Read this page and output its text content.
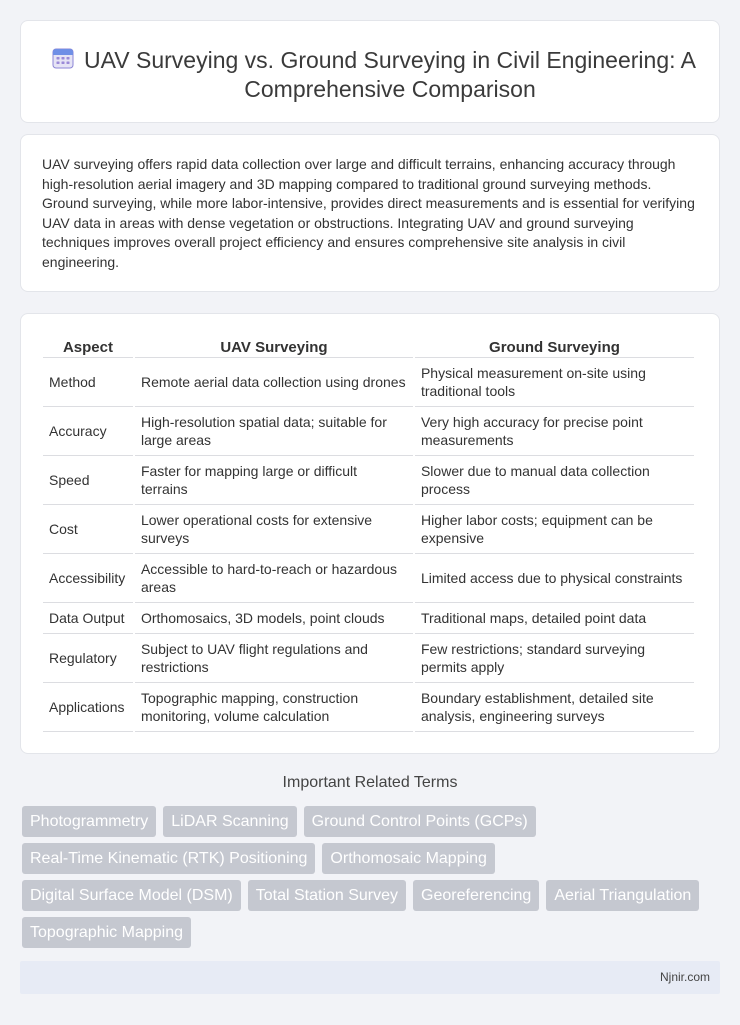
UAV Surveying vs. Ground Surveying in Civil Engineering: A Comprehensive Comparison

UAV surveying offers rapid data collection over large and difficult terrains, enhancing accuracy through high-resolution aerial imagery and 3D mapping compared to traditional ground surveying methods. Ground surveying, while more labor-intensive, provides direct measurements and is essential for verifying UAV data in areas with dense vegetation or obstructions. Integrating UAV and ground surveying techniques improves overall project efficiency and ensures comprehensive site analysis in civil engineering.

Aspect	UAV Surveying	Ground Surveying
Method	Remote aerial data collection using drones	Physical measurement on-site using traditional tools
Accuracy	High-resolution spatial data; suitable for large areas	Very high accuracy for precise point measurements
Speed	Faster for mapping large or difficult terrains	Slower due to manual data collection process
Cost	Lower operational costs for extensive surveys	Higher labor costs; equipment can be expensive
Accessibility	Accessible to hard-to-reach or hazardous areas	Limited access due to physical constraints
Data Output	Orthomosaics, 3D models, point clouds	Traditional maps, detailed point data
Regulatory	Subject to UAV flight regulations and restrictions	Few restrictions; standard surveying permits apply
Applications	Topographic mapping, construction monitoring, volume calculation	Boundary establishment, detailed site analysis, engineering surveys
Important Related Terms
Photogrammetry	LiDAR Scanning	Ground Control Points (GCPs)
Real-Time Kinematic (RTK) Positioning	Orthomosaic Mapping
Digital Surface Model (DSM)	Total Station Survey	Georeferencing	Aerial Triangulation
Topographic Mapping
Njnir.com
